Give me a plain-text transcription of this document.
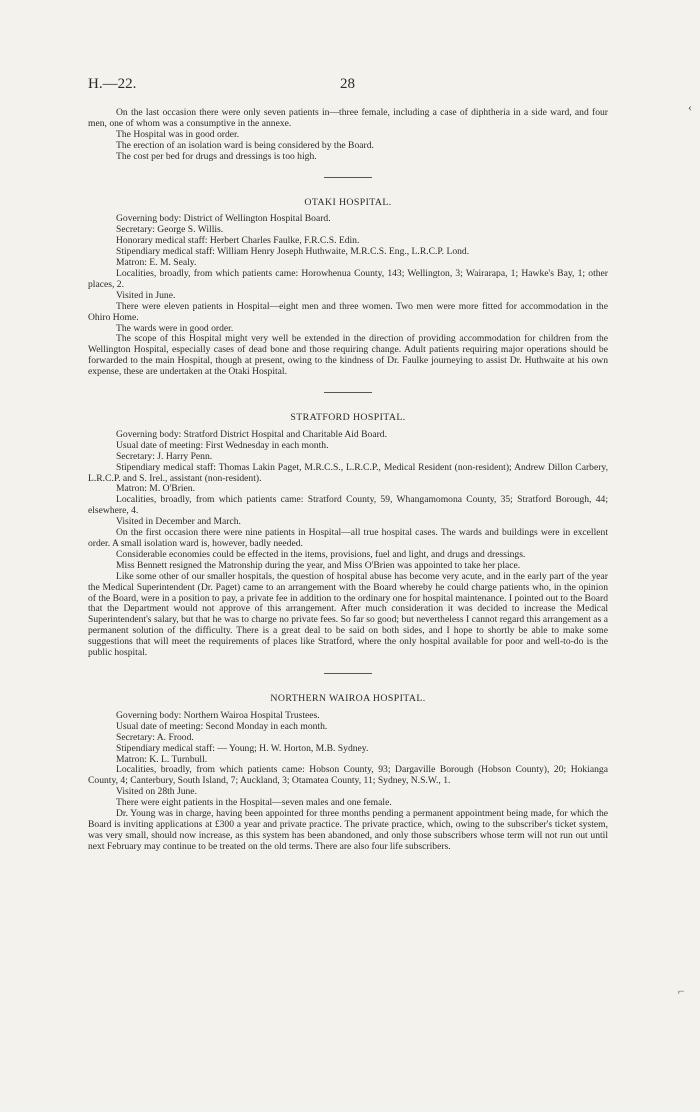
H.—22.	28

On the last occasion there were only seven patients in—three female, including a case of diphtheria in a side ward, and four men, one of whom was a consumptive in the annexe.

The Hospital was in good order.

The erection of an isolation ward is being considered by the Board.

The cost per bed for drugs and dressings is too high.

OTAKI HOSPITAL.

Governing body: District of Wellington Hospital Board.

Secretary: George S. Willis.

Honorary medical staff: Herbert Charles Faulke, F.R.C.S. Edin.

Stipendiary medical staff: William Henry Joseph Huthwaite, M.R.C.S. Eng., L.R.C.P. Lond.

Matron: E. M. Sealy.

Localities, broadly, from which patients came: Horowhenua County, 143; Wellington, 3; Wairarapa, 1; Hawke's Bay, 1; other places, 2.

Visited in June.

There were eleven patients in Hospital—eight men and three women. Two men were more fitted for accommodation in the Ohiro Home.

The wards were in good order.

The scope of this Hospital might very well be extended in the direction of providing accommodation for children from the Wellington Hospital, especially cases of dead bone and those requiring change. Adult patients requiring major operations should be forwarded to the main Hospital, though at present, owing to the kindness of Dr. Faulke journeying to assist Dr. Huthwaite at his own expense, these are undertaken at the Otaki Hospital.

STRATFORD HOSPITAL.

Governing body: Stratford District Hospital and Charitable Aid Board.

Usual date of meeting: First Wednesday in each month.

Secretary: J. Harry Penn.

Stipendiary medical staff: Thomas Lakin Paget, M.R.C.S., L.R.C.P., Medical Resident (non-resident); Andrew Dillon Carbery, L.R.C.P. and S. Irel., assistant (non-resident).

Matron: M. O'Brien.

Localities, broadly, from which patients came: Stratford County, 59, Whangamomona County, 35; Stratford Borough, 44; elsewhere, 4.

Visited in December and March.

On the first occasion there were nine patients in Hospital—all true hospital cases. The wards and buildings were in excellent order. A small isolation ward is, however, badly needed.

Considerable economies could be effected in the items, provisions, fuel and light, and drugs and dressings.

Miss Bennett resigned the Matronship during the year, and Miss O'Brien was appointed to take her place.

Like some other of our smaller hospitals, the question of hospital abuse has become very acute, and in the early part of the year the Medical Superintendent (Dr. Paget) came to an arrangement with the Board whereby he could charge patients who, in the opinion of the Board, were in a position to pay, a private fee in addition to the ordinary one for hospital maintenance. I pointed out to the Board that the Department would not approve of this arrangement. After much consideration it was decided to increase the Medical Superintendent's salary, but that he was to charge no private fees. So far so good; but nevertheless I cannot regard this arrangement as a permanent solution of the difficulty. There is a great deal to be said on both sides, and I hope to shortly be able to make some suggestions that will meet the requirements of places like Stratford, where the only hospital available for poor and well-to-do is the public hospital.

NORTHERN WAIROA HOSPITAL.

Governing body: Northern Wairoa Hospital Trustees.

Usual date of meeting: Second Monday in each month.

Secretary: A. Frood.

Stipendiary medical staff: — Young; H. W. Horton, M.B. Sydney.

Matron: K. L. Turnbull.

Localities, broadly, from which patients came: Hobson County, 93; Dargaville Borough (Hobson County), 20; Hokianga County, 4; Canterbury, South Island, 7; Auckland, 3; Otamatea County, 11; Sydney, N.S.W., 1.

Visited on 28th June.

There were eight patients in the Hospital—seven males and one female.

Dr. Young was in charge, having been appointed for three months pending a permanent appointment being made, for which the Board is inviting applications at £300 a year and private practice. The private practice, which, owing to the subscriber's ticket system, was very small, should now increase, as this system has been abandoned, and only those subscribers whose term will not run out until next February may continue to be treated on the old terms. There are also four life subscribers.

‹
⌐
